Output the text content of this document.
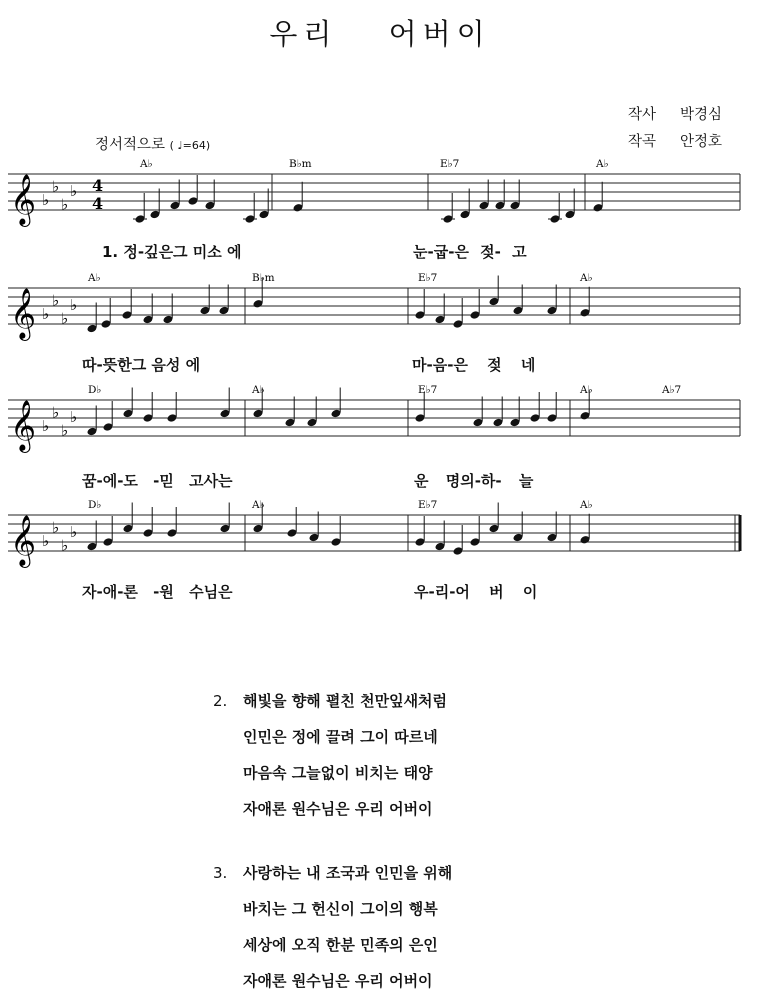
우리 어버이
작사 박경심
작곡 안정호
정서적으로 ( ♩=64)
𝄞 ♭
♭
♭
♭ 4
4
A♭	B♭m	E♭7	A♭
𝄞 ♭
♭
♭
♭
A♭	B♭m	E♭7	A♭
𝄞 ♭
♭
♭
♭
D♭	A♭	E♭7	A♭	A♭7
𝄞 ♭
♭
♭
♭
D♭	A♭	E♭7	A♭
1. 정-깊은그 미소 에	눈-굽-은 젖- 고
따-뜻한그 음성 에	마-음-은 젖 네
꿈-에-도 -믿 고사는	운 명의-하- 늘
자-애-론 -원 수님은	우-리-어 버 이
2. 해빛을 향해 펼친 천만잎새처럼
인민은 정에 끌려 그이 따르네
마음속 그늘없이 비치는 태양
자애론 원수님은 우리 어버이
3. 사랑하는 내 조국과 인민을 위해
바치는 그 헌신이 그이의 행복
세상에 오직 한분 민족의 은인
자애론 원수님은 우리 어버이
